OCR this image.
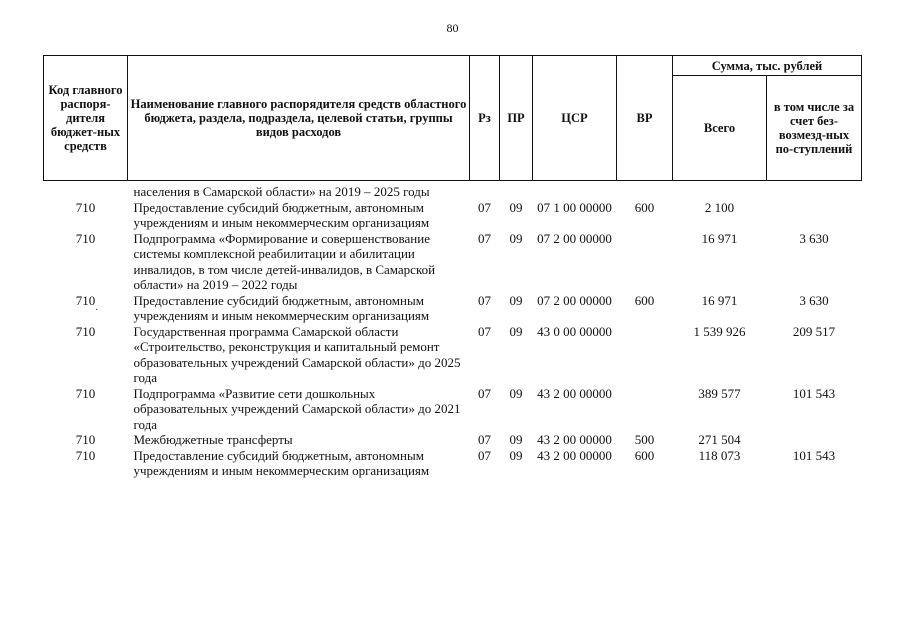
80
Код главного распоря-дителя бюджет-ных средств	Наименование главного распорядителя средств областного бюджета, раздела, подраздела, целевой статьи, группы видов расходов	Рз	ПР	ЦСР	ВР	Сумма, тыс. рублей	
						Всего	в том числе за счет без-возмезд-ных по-ступлений
	населения в Самарской области» на 2019 – 2025 годы						
710	Предоставление субсидий бюджетным, автономным учреждениям и иным некоммерческим организациям	07	09	07 1 00 00000	600	2 100	
710	Подпрограмма «Формирование и совершенствование системы комплексной реабилитации и абилитации инвалидов, в том числе детей-инвалидов, в Самарской области» на 2019 – 2022 годы	07	09	07 2 00 00000		16 971	3 630
710	Предоставление субсидий бюджетным, автономным учреждениям и иным некоммерческим организациям	07	09	07 2 00 00000	600	16 971	3 630
710	Государственная программа Самарской области «Строительство, реконструкция и капитальный ремонт образовательных учреждений Самарской области» до 2025 года	07	09	43 0 00 00000		1 539 926	209 517
710	Подпрограмма «Развитие сети дошкольных образовательных учреждений Самарской области» до 2021 года	07	09	43 2 00 00000		389 577	101 543
710	Межбюджетные трансферты	07	09	43 2 00 00000	500	271 504	
710	Предоставление субсидий бюджетным, автономным учреждениям и иным некоммерческим организациям	07	09	43 2 00 00000	600	118 073	101 543
·
